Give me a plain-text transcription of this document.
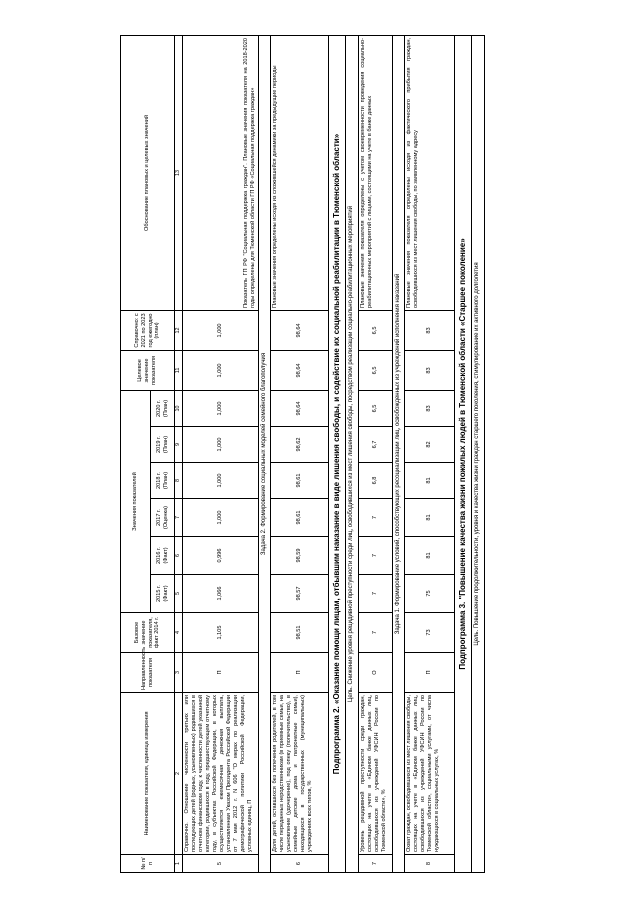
№ п/п	Наименование показателя, единица измерения	Направленность показателя	Базовое значение показателя, факт 2014 г.	Значения показателей						Целевое значение показателя	Справочно: с 2021 по 2023 год ежегодно (план)	Обоснование плановых и целевых значений
				2015 г. (Факт)	2016 г. (Факт)	2017 г. (Оценка)	2018 г. (План)	2019 г. (План)	2020 г. (План)			
1	2	3	4	5	6	7	8	9	10	11	12	13
5	Справочно. Отношение численности третьих или последующих детей (родных, усыновленных) родившихся в отчетном финансовом году, к численности детей указанной категории, родившихся в году, предшествующем отчетному году, в субъектах Российской Федерации, в которых осуществляется ежемесячная денежная выплата, установленная Указом Президента Российской Федерации от 7 мая 2012 г. N 606 "О мерах по реализации демографической политики Российской Федерации, условных единиц, П	П	1,105	1,066	0,996	1,000	1,000	1,000	1,000	1,000	1,000	Показатель ГП РФ "Социальная поддержка граждан". Плановые значения показателя на 2018-2020 годы определены для Тюменской области ГП РФ «Социальная поддержка граждан»
Задача 2. Формирование социальных моделей семейного благополучия												
6	Доля детей, оставшихся без попечения родителей, в том числе переданных неродственникам (в приемные семьи, на усыновление (удочерение), под опеку (попечительство), в семейные детские дома и патронатные семьи), находящихся в государственных (муниципальных) учреждениях всех типов, %	П	98,51	98,57	98,59	98,61	98,61	98,62	98,64	98,64	98,64	Плановые значения определены исходя из сложившейся динамики за предыдущие периоды
Подпрограмма 2. «Оказание помощи лицам, отбывшим наказание в виде лишения свободы, и содействие их социальной реабилитации в Тюменской области»												
Цель. Снижение уровня рецидивной преступности среди лиц, освободившихся из мест лишения свободы, посредством реализации социально-реабилитационных мероприятий												
7	Уровень рецидивной преступности среди граждан, состоящих на учете в «Едином банке данных лиц, освободившихся из учреждений УФСИН России по Тюменской области», %	О	7	7	7	7	6,8	6,7	6,5	6,5	6,5	Плановые значения показателя определены с учетом своевременности проведения социально-реабилитационных мероприятий с лицами, состоящими на учете в банке данных
Задача 1. Формирование условий, способствующих ресоциализации лиц, освобожденных из учреждений исполнения наказаний												
8	Охват граждан, освободившихся из мест лишения свободы, состоящих на учете в «Едином банке данных лиц, освободившихся из учреждений УФСИН России по Тюменской области», социальными услугами, от числа нуждающихся в социальных услугах, %	П	73	75	81	81	81	82	83	83	83	Плановые значения показателя определены исходя из фактического прибытия граждан, освободившихся из мест лишения свободы, по заявленному адресу
Подпрограмма 3. "Повышение качества жизни пожилых людей в Тюменской области «Старшее поколение»												
Цель. Повышение продолжительности, уровня и качества жизни граждан старшего поколения, стимулирование их активного долголетия												
